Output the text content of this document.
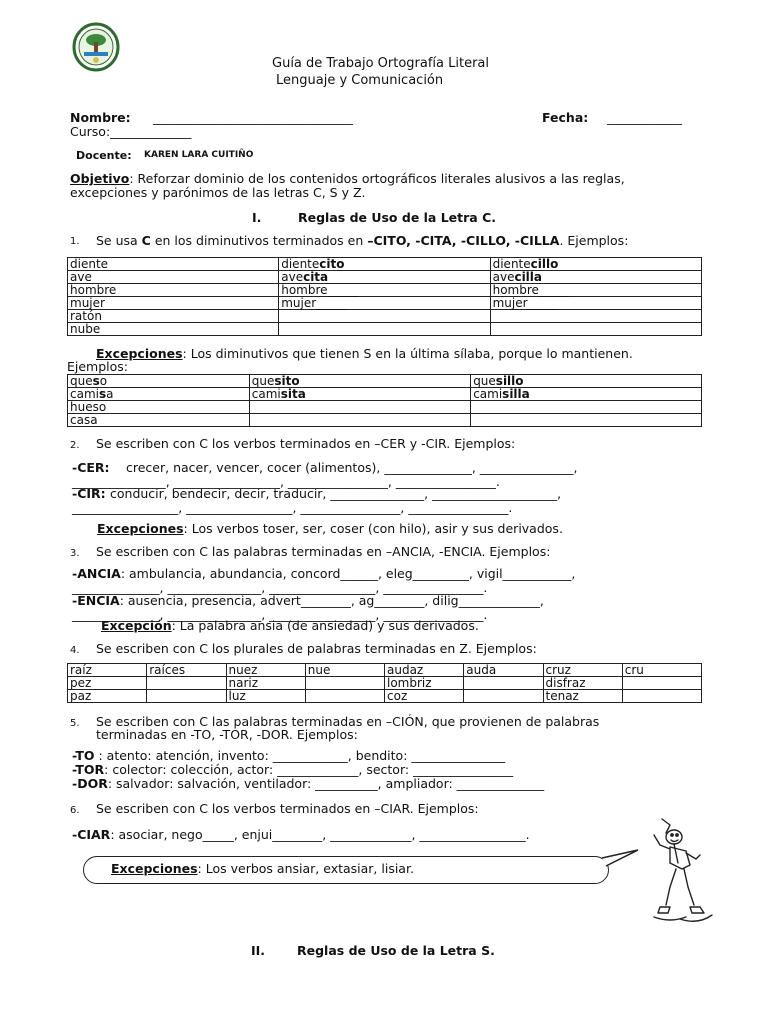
Guía de Trabajo Ortografía Literal
Lenguaje y Comunicación
Nombre: ________________________________	Fecha: ____________
Curso:_____________
Docente: KAREN LARA CUITIÑO
Objetivo: Reforzar dominio de los contenidos ortográficos literales alusivos a las reglas,
excepciones y parónimos de las letras C, S y Z.
I.	Reglas de Uso de la Letra C.
1. Se usa C en los diminutivos terminados en –CITO, -CITA, -CILLO, -CILLA. Ejemplos:
diente	dientecito	dientecillo
ave	avecita	avecilla
hombre	hombre_____	hombre_____
mujer	mujer_____	mujer_____
ratón		
nube		
Excepciones: Los diminutivos que tienen S en la última sílaba, porque lo mantienen.
Ejemplos:
queso	quesito	quesillo
camisa	camisita	camisilla
hueso		
casa		
2. Se escriben con C los verbos terminados en –CER y -CIR. Ejemplos:
-CER: crecer, nacer, vencer, cocer (alimentos), ______________, _______________,
_______________, _________________, ________________, ________________.
-CIR: conducir, bendecir, decir, traducir, _______________, ____________________,
_________________, _________________, ________________, ________________.
Excepciones: Los verbos toser, ser, coser (con hilo), asir y sus derivados.
3. Se escriben con C las palabras terminadas en –ANCIA, -ENCIA. Ejemplos:
-ANCIA: ambulancia, abundancia, concord______, eleg_________, vigil___________,
______________, _______________, _________________, ________________.
-ENCIA: ausencia, presencia, advert________, ag________, dilig_____________,
______________, _______________, _________________, ________________.
Excepción: La palabra ansia (de ansiedad) y sus derivados.
4. Se escriben con C los plurales de palabras terminadas en Z. Ejemplos:
raíz	raíces	nuez	nue	audaz	auda	cruz	cru
pez		nariz		lombriz		disfraz	
paz		luz		coz		tenaz	
5. Se escriben con C las palabras terminadas en –CIÓN, que provienen de palabras
terminadas en -TO, -TOR, -DOR. Ejemplos:
-TO : atento: atención, invento: ____________, bendito: _______________
-TOR: colector: colección, actor: _____________, sector: ________________
-DOR: salvador: salvación, ventilador: __________, ampliador: ______________
6. Se escriben con C los verbos terminados en –CIAR. Ejemplos:
-CIAR: asociar, nego_____, enjui________, _____________, _________________.
Excepciones: Los verbos ansiar, extasiar, lisiar.
II.	Reglas de Uso de la Letra S.
